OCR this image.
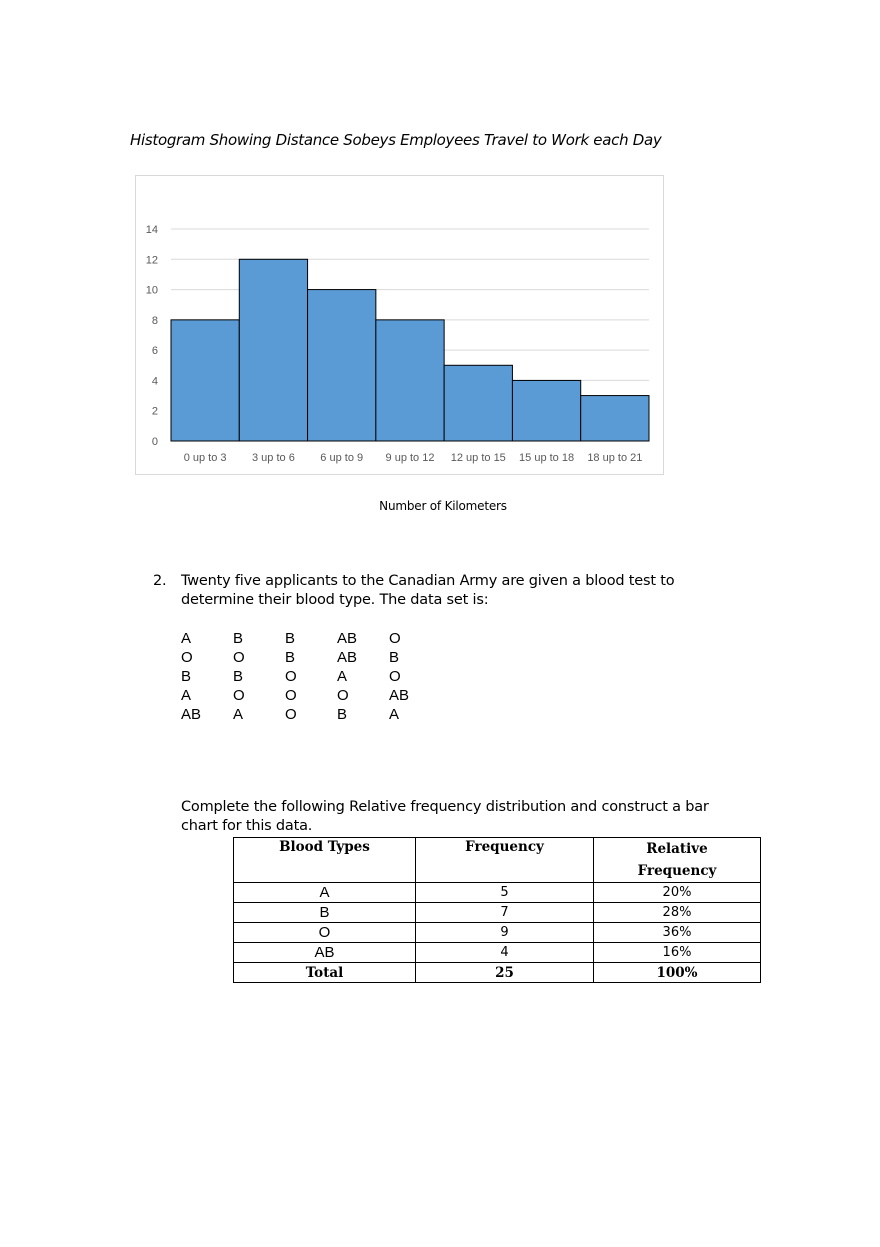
Histogram Showing Distance Sobeys Employees Travel to Work each Day
0
2
4
6
8
10
12
14
0 up to 3 3 up to 6 6 up to 9 9 up to 12 12 up to 15 15 up to 18 18 up to 21
Number of Kilometers
2. Twenty five applicants to the Canadian Army are given a blood test to determine their blood type. The data set is:
A	B	B	AB	O
O	O	B	AB	B
B	B	O	A	O
A	O	O	O	AB
AB	A	O	B	A
Complete the following Relative frequency distribution and construct a bar chart for this data.
Blood Types	Frequency	Relative Frequency
A	5	20%
B	7	28%
O	9	36%
AB	4	16%
Total	25	100%
